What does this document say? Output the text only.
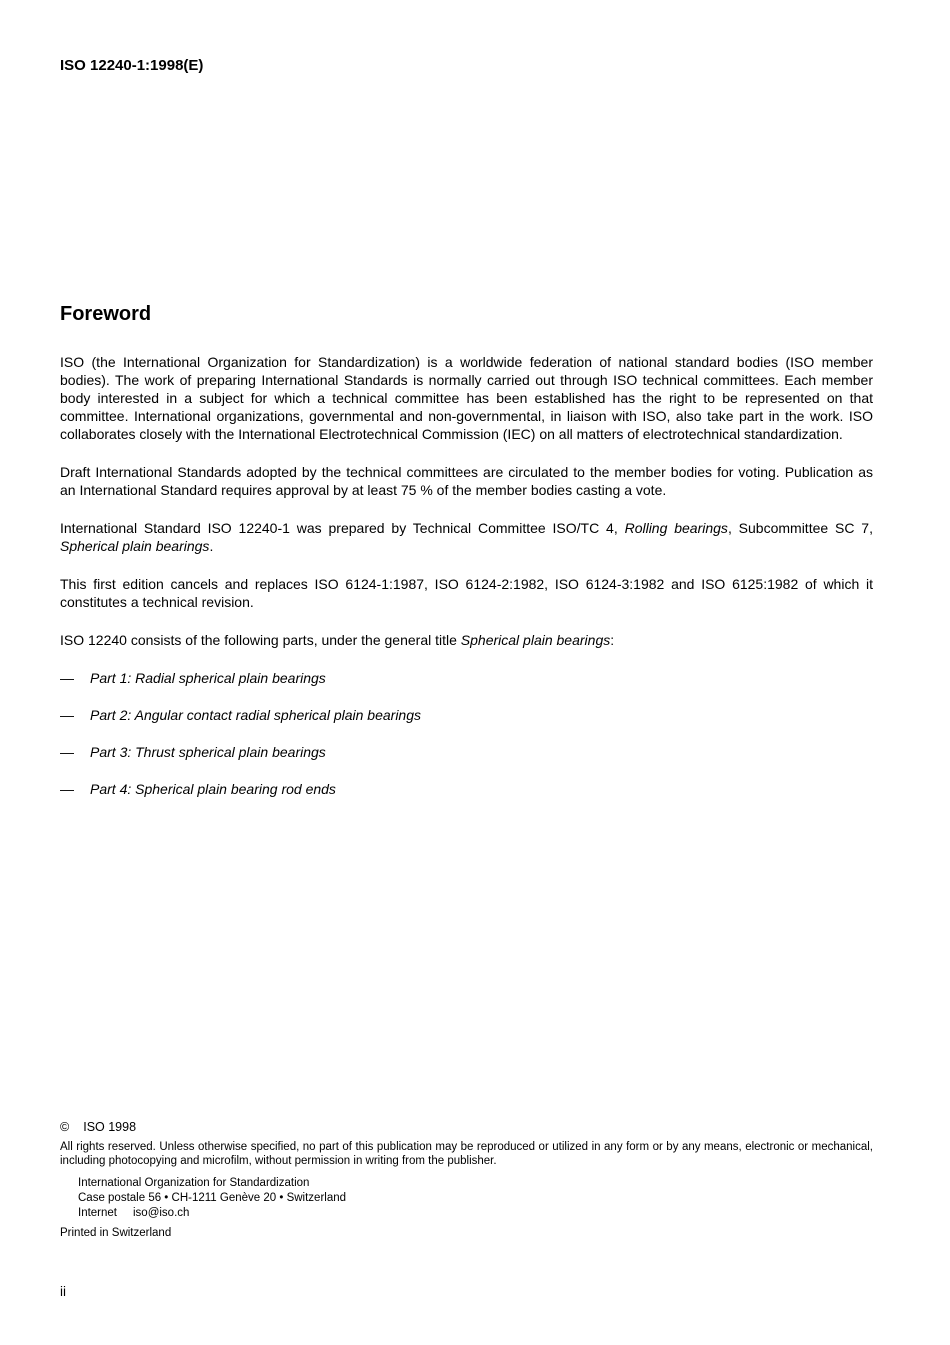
ISO 12240-1:1998(E)
Foreword

ISO (the International Organization for Standardization) is a worldwide federation of national standard bodies (ISO member bodies). The work of preparing International Standards is normally carried out through ISO technical committees. Each member body interested in a subject for which a technical committee has been established has the right to be represented on that committee. International organizations, governmental and non-governmental, in liaison with ISO, also take part in the work. ISO collaborates closely with the International Electrotechnical Commission (IEC) on all matters of electrotechnical standardization.

Draft International Standards adopted by the technical committees are circulated to the member bodies for voting. Publication as an International Standard requires approval by at least 75 % of the member bodies casting a vote.

International Standard ISO 12240-1 was prepared by Technical Committee ISO/TC 4, Rolling bearings, Subcommittee SC 7, Spherical plain bearings.

This first edition cancels and replaces ISO 6124-1:1987, ISO 6124-2:1982, ISO 6124-3:1982 and ISO 6125:1982 of which it constitutes a technical revision.

ISO 12240 consists of the following parts, under the general title Spherical plain bearings:

—	Part 1: Radial spherical plain bearings
—	Part 2: Angular contact radial spherical plain bearings
—	Part 3: Thrust spherical plain bearings
—	Part 4: Spherical plain bearing rod ends
© ISO 1998

All rights reserved. Unless otherwise specified, no part of this publication may be reproduced or utilized in any form or by any means, electronic or mechanical, including photocopying and microfilm, without permission in writing from the publisher.

International Organization for Standardization
Case postale 56 • CH-1211 Genève 20 • Switzerland
Internet iso@iso.ch
Printed in Switzerland
ii
